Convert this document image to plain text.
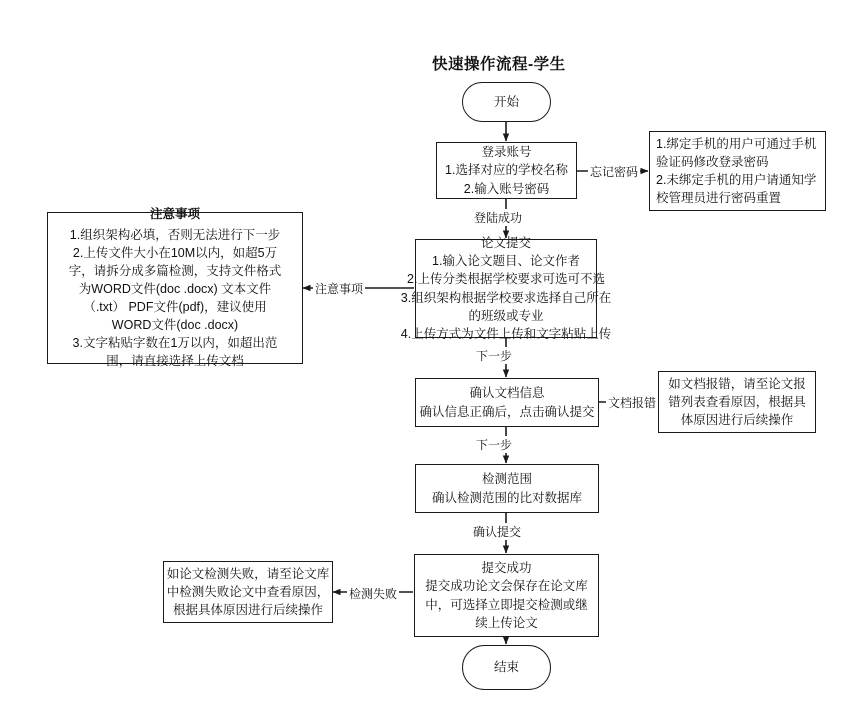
快速操作流程-学生
开始
登录账号
1.选择对应的学校名称
2.输入账号密码
忘记密码
1.绑定手机的用户可通过手机
验证码修改登录密码
2.未绑定手机的用户请通知学
校管理员进行密码重置
登陆成功
注意事项
1.组织架构必填，否则无法进行下一步
2.上传文件大小在10M以内，如超5万
字，请拆分成多篇检测，支持文件格式
为WORD文件(doc .docx) 文本文件
（.txt） PDF文件(pdf)，建议使用
WORD文件(doc .docx)
3.文字粘贴字数在1万以内，如超出范
围，请直接选择上传文档
注意事项
论文提交
1.输入论文题目、论文作者
2.上传分类根据学校要求可选可不选
3.组织架构根据学校要求选择自己所在
的班级或专业
4.上传方式为文件上传和文字粘贴上传
下一步
确认文档信息
确认信息正确后，点击确认提交
文档报错
如文档报错，请至论文报
错列表查看原因，根据具
体原因进行后续操作
下一步
检测范围
确认检测范围的比对数据库
确认提交
提交成功
提交成功论文会保存在论文库
中，可选择立即提交检测或继
续上传论文
检测失败
如论文检测失败，请至论文库
中检测失败论文中查看原因，
根据具体原因进行后续操作
结束
